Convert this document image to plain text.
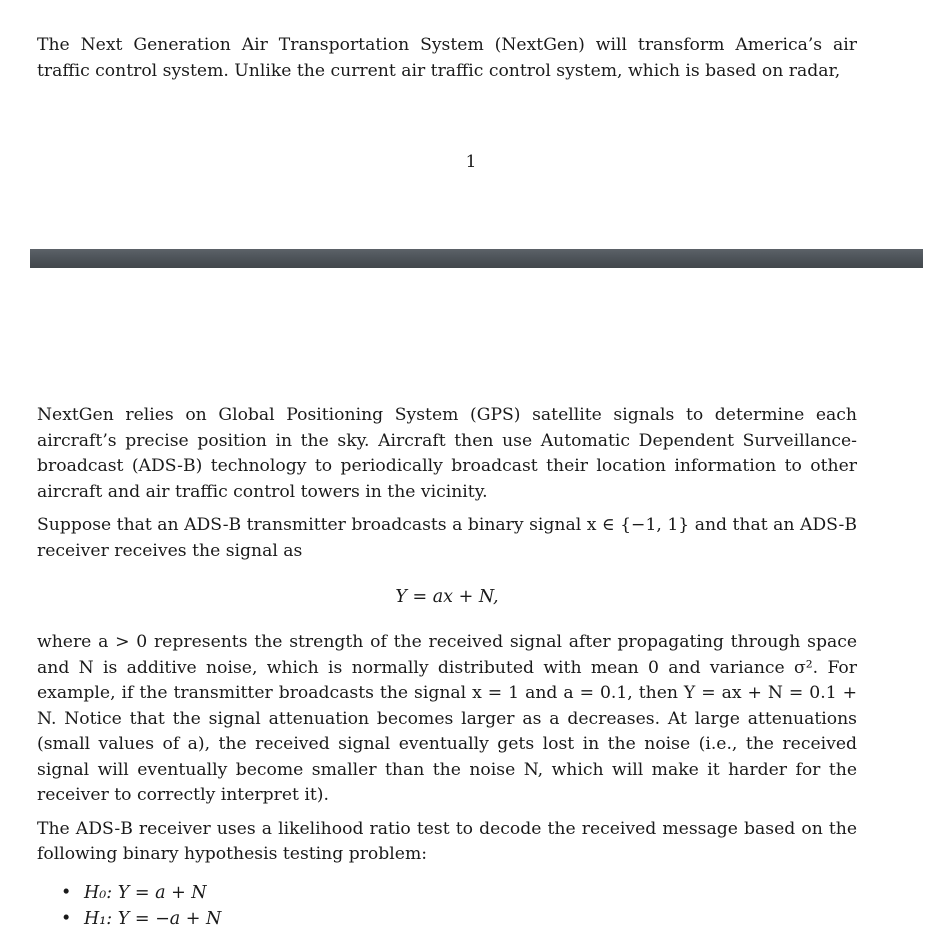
The Next Generation Air Transportation System (NextGen) will transform America’s air traffic control system. Unlike the current air traffic control system, which is based on radar,

1

NextGen relies on Global Positioning System (GPS) satellite signals to determine each aircraft’s precise position in the sky. Aircraft then use Automatic Dependent Surveillance-broadcast (ADS-B) technology to periodically broadcast their location information to other aircraft and air traffic control towers in the vicinity.

Suppose that an ADS-B transmitter broadcasts a binary signal x ∈ {−1, 1} and that an ADS-B receiver receives the signal as

Y = ax + N,

where a > 0 represents the strength of the received signal after propagating through space and N is additive noise, which is normally distributed with mean 0 and variance σ². For example, if the transmitter broadcasts the signal x = 1 and a = 0.1, then Y = ax + N = 0.1 + N. Notice that the signal attenuation becomes larger as a decreases. At large attenuations (small values of a), the received signal eventually gets lost in the noise (i.e., the received signal will eventually become smaller than the noise N, which will make it harder for the receiver to correctly interpret it).

The ADS-B receiver uses a likelihood ratio test to decode the received message based on the following binary hypothesis testing problem:

• H₀: Y = a + N
• H₁: Y = −a + N
